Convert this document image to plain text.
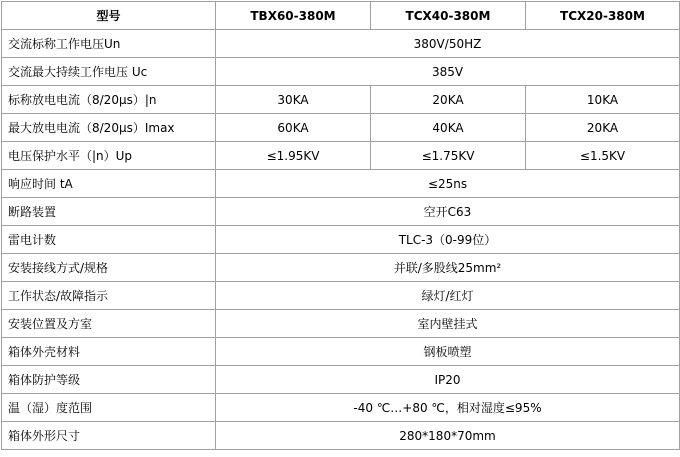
型号	TBX60-380M	TCX40-380M	TCX20-380M
交流标称工作电压Un	380V/50HZ		
交流最大持续工作电压 Uc	385V		
标称放电电流（8/20μs）|n	30KA	20KA	10KA
最大放电电流（8/20μs）Imax	60KA	40KA	20KA
电压保护水平（|n）Up	≤1.95KV	≤1.75KV	≤1.5KV
响应时间 tA	≤25ns		
断路装置	空开C63		
雷电计数	TLC-3（0-99位）		
安装接线方式/规格	并联/多股线25mm²		
工作状态/故障指示	绿灯/红灯		
安装位置及方室	室内壁挂式		
箱体外壳材料	钢板喷塑		
箱体防护等级	IP20		
温（湿）度范围	-40 ℃…+80 ℃，相对湿度≤95%		
箱体外形尺寸	280*180*70mm		
